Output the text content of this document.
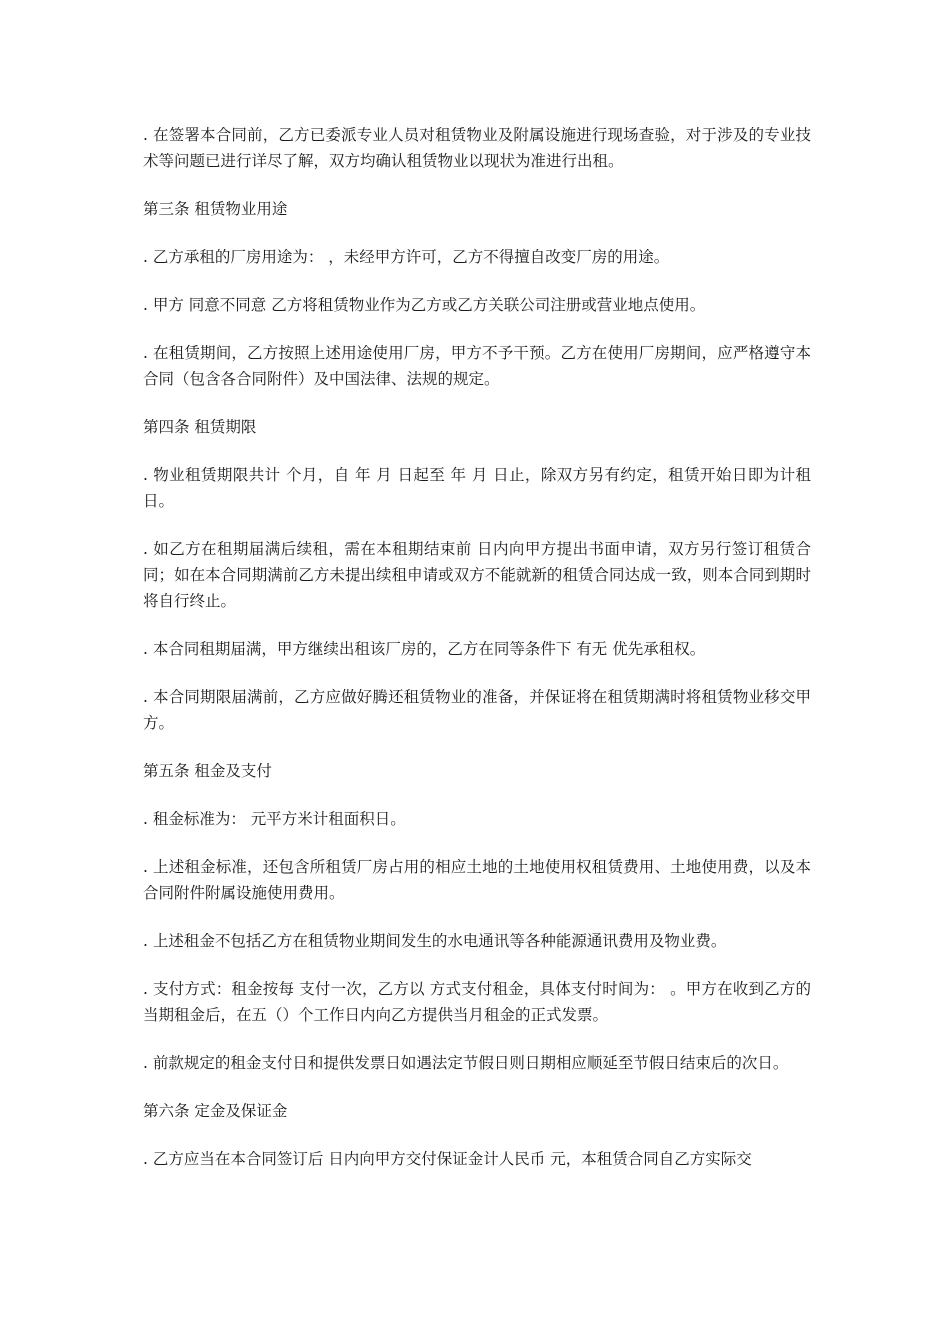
. 在签署本合同前，乙方已委派专业人员对租赁物业及附属设施进行现场查验，对于涉及的专业技术等问题已进行详尽了解，双方均确认租赁物业以现状为准进行出租。

第三条 租赁物业用途

. 乙方承租的厂房用途为： ，未经甲方许可，乙方不得擅自改变厂房的用途。

. 甲方 同意不同意 乙方将租赁物业作为乙方或乙方关联公司注册或营业地点使用。

. 在租赁期间，乙方按照上述用途使用厂房，甲方不予干预。乙方在使用厂房期间，应严格遵守本合同（包含各合同附件）及中国法律、法规的规定。

第四条 租赁期限

. 物业租赁期限共计 个月，自 年 月 日起至 年 月 日止，除双方另有约定，租赁开始日即为计租日。

. 如乙方在租期届满后续租，需在本租期结束前 日内向甲方提出书面申请，双方另行签订租赁合同；如在本合同期满前乙方未提出续租申请或双方不能就新的租赁合同达成一致，则本合同到期时将自行终止。

. 本合同租期届满，甲方继续出租该厂房的，乙方在同等条件下 有无 优先承租权。

. 本合同期限届满前，乙方应做好腾还租赁物业的准备，并保证将在租赁期满时将租赁物业移交甲方。

第五条 租金及支付

. 租金标准为： 元平方米计租面积日。

. 上述租金标准，还包含所租赁厂房占用的相应土地的土地使用权租赁费用、土地使用费，以及本合同附件附属设施使用费用。

. 上述租金不包括乙方在租赁物业期间发生的水电通讯等各种能源通讯费用及物业费。

. 支付方式：租金按每 支付一次，乙方以 方式支付租金，具体支付时间为： 。甲方在收到乙方的当期租金后，在五（）个工作日内向乙方提供当月租金的正式发票。

. 前款规定的租金支付日和提供发票日如遇法定节假日则日期相应顺延至节假日结束后的次日。

第六条 定金及保证金

. 乙方应当在本合同签订后 日内向甲方交付保证金计人民币 元，本租赁合同自乙方实际交
